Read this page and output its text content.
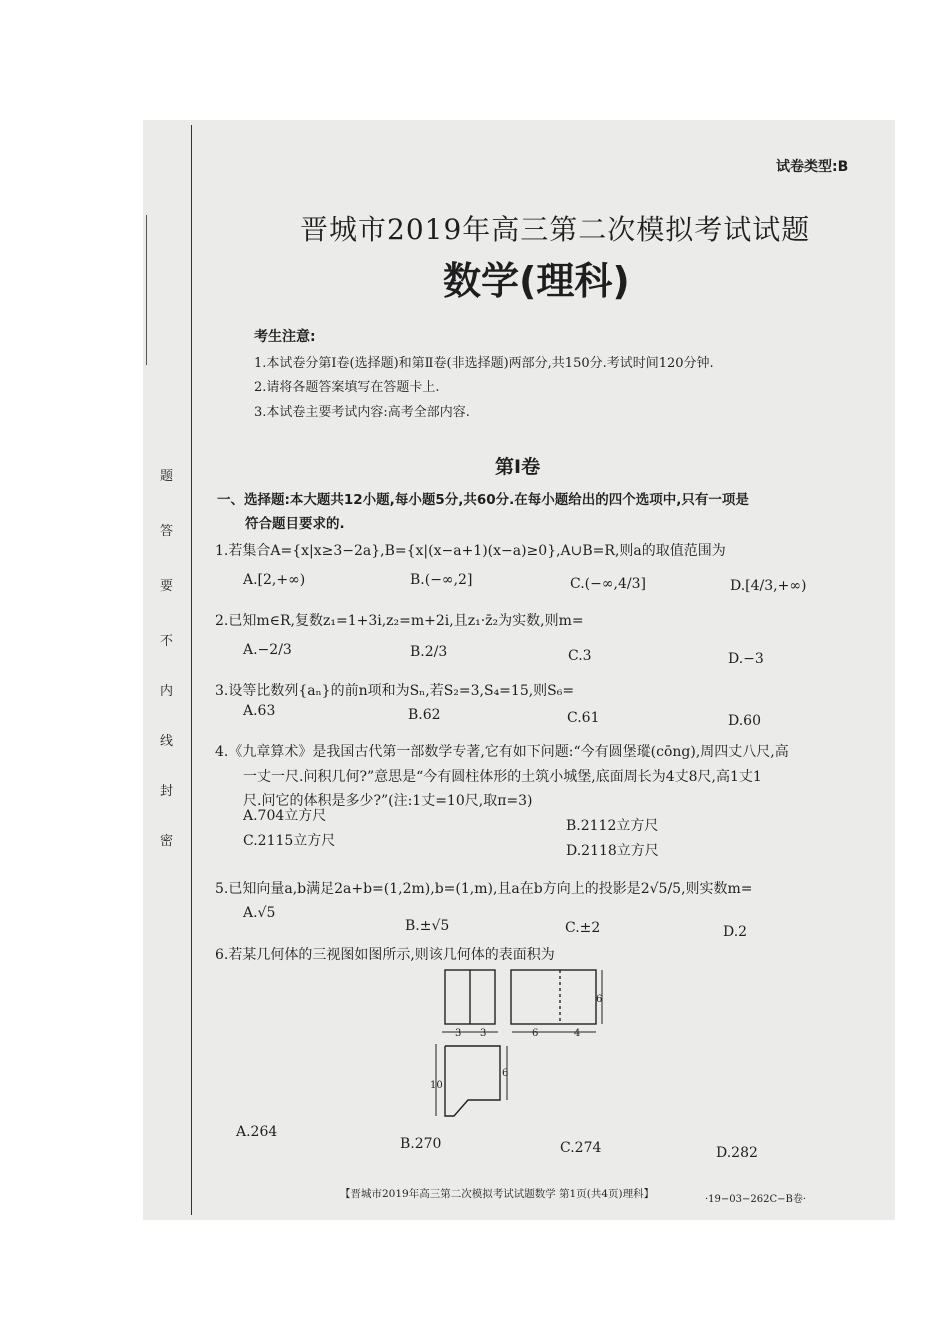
题
答
要
不
内
线
封
密
试卷类型:B
晋城市2019年高三第二次模拟考试试题
数学(理科)
考生注意:
1.本试卷分第Ⅰ卷(选择题)和第Ⅱ卷(非选择题)两部分,共150分.考试时间120分钟.
2.请将各题答案填写在答题卡上.
3.本试卷主要考试内容:高考全部内容.
第Ⅰ卷
一、选择题:本大题共12小题,每小题5分,共60分.在每小题给出的四个选项中,只有一项是
符合题目要求的.
1.若集合A={x|x≥3−2a},B={x|(x−a+1)(x−a)≥0},A∪B=R,则a的取值范围为
A.[2,+∞)	B.(−∞,2]	C.(−∞,4/3]	D.[4/3,+∞)
2.已知m∈R,复数z₁=1+3i,z₂=m+2i,且z₁·z̄₂为实数,则m=
A.−2/3	B.2/3	C.3	D.−3
3.设等比数列{aₙ}的前n项和为Sₙ,若S₂=3,S₄=15,则S₆=
A.63	B.62	C.61	D.60
4.《九章算术》是我国古代第一部数学专著,它有如下问题:“今有圆堡瑽(cōng),周四丈八尺,高
一丈一尺.问积几何?”意思是“今有圆柱体形的土筑小城堡,底面周长为4丈8尺,高1丈1
尺.问它的体积是多少?”(注:1丈=10尺,取π=3)
A.704立方尺
B.2112立方尺
C.2115立方尺
D.2118立方尺
5.已知向量a,b满足2a+b=(1,2m),b=(1,m),且a在b方向上的投影是2√5/5,则实数m=
A.√5
B.±√5	C.±2	D.2
6.若某几何体的三视图如图所示,则该几何体的表面积为
3 3	6	4
6
10
6
A.264
B.270	C.274	D.282
【晋城市2019年高三第二次模拟考试试题数学 第1页(共4页)理科】	·19−03−262C−B卷·
